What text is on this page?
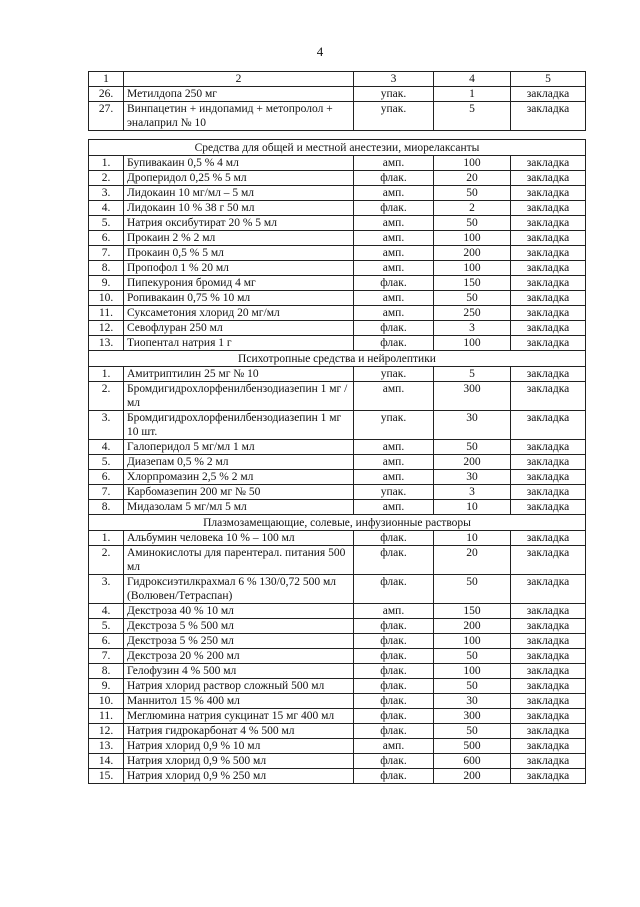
4
1	2	3	4	5
26.	Метилдопа 250 мг	упак.	1	закладка
27.	Винпацетин + индопамид + метопролол + эналаприл № 10	упак.	5	закладка

Средства для общей и местной анестезии, миорелаксанты				
1.	Бупивакаин 0,5 % 4 мл	амп.	100	закладка
2.	Дроперидол 0,25 % 5 мл	флак.	20	закладка
3.	Лидокаин 10 мг/мл – 5 мл	амп.	50	закладка
4.	Лидокаин 10 % 38 г 50 мл	флак.	2	закладка
5.	Натрия оксибутират 20 % 5 мл	амп.	50	закладка
6.	Прокаин 2 % 2 мл	амп.	100	закладка
7.	Прокаин 0,5 % 5 мл	амп.	200	закладка
8.	Пропофол 1 % 20 мл	амп.	100	закладка
9.	Пипекурония бромид 4 мг	флак.	150	закладка
10.	Ропивакаин 0,75 % 10 мл	амп.	50	закладка
11.	Суксаметония хлорид 20 мг/мл	амп.	250	закладка
12.	Севофлуран 250 мл	флак.	3	закладка
13.	Тиопентал натрия 1 г	флак.	100	закладка
Психотропные средства и нейролептики				
1.	Амитриптилин 25 мг № 10	упак.	5	закладка
2.	Бромдигидрохлорфенилбензодиазепин 1 мг /мл	амп.	300	закладка
3.	Бромдигидрохлорфенилбензодиазепин 1 мг 10 шт.	упак.	30	закладка
4.	Галоперидол 5 мг/мл 1 мл	амп.	50	закладка
5.	Диазепам 0,5 % 2 мл	амп.	200	закладка
6.	Хлорпромазин 2,5 % 2 мл	амп.	30	закладка
7.	Карбомазепин 200 мг № 50	упак.	3	закладка
8.	Мидазолам 5 мг/мл 5 мл	амп.	10	закладка
Плазмозамещающие, солевые, инфузионные растворы				
1.	Альбумин человека 10 % – 100 мл	флак.	10	закладка
2.	Аминокислоты для парентерал. питания 500 мл	флак.	20	закладка
3.	Гидроксиэтилкрахмал 6 % 130/0,72 500 мл (Волювен/Тетраспан)	флак.	50	закладка
4.	Декстроза 40 % 10 мл	амп.	150	закладка
5.	Декстроза 5 % 500 мл	флак.	200	закладка
6.	Декстроза 5 % 250 мл	флак.	100	закладка
7.	Декстроза 20 % 200 мл	флак.	50	закладка
8.	Гелофузин 4 % 500 мл	флак.	100	закладка
9.	Натрия хлорид раствор сложный 500 мл	флак.	50	закладка
10.	Маннитол 15 % 400 мл	флак.	30	закладка
11.	Меглюмина натрия сукцинат 15 мг 400 мл	флак.	300	закладка
12.	Натрия гидрокарбонат 4 % 500 мл	флак.	50	закладка
13.	Натрия хлорид 0,9 % 10 мл	амп.	500	закладка
14.	Натрия хлорид 0,9 % 500 мл	флак.	600	закладка
15.	Натрия хлорид 0,9 % 250 мл	флак.	200	закладка
